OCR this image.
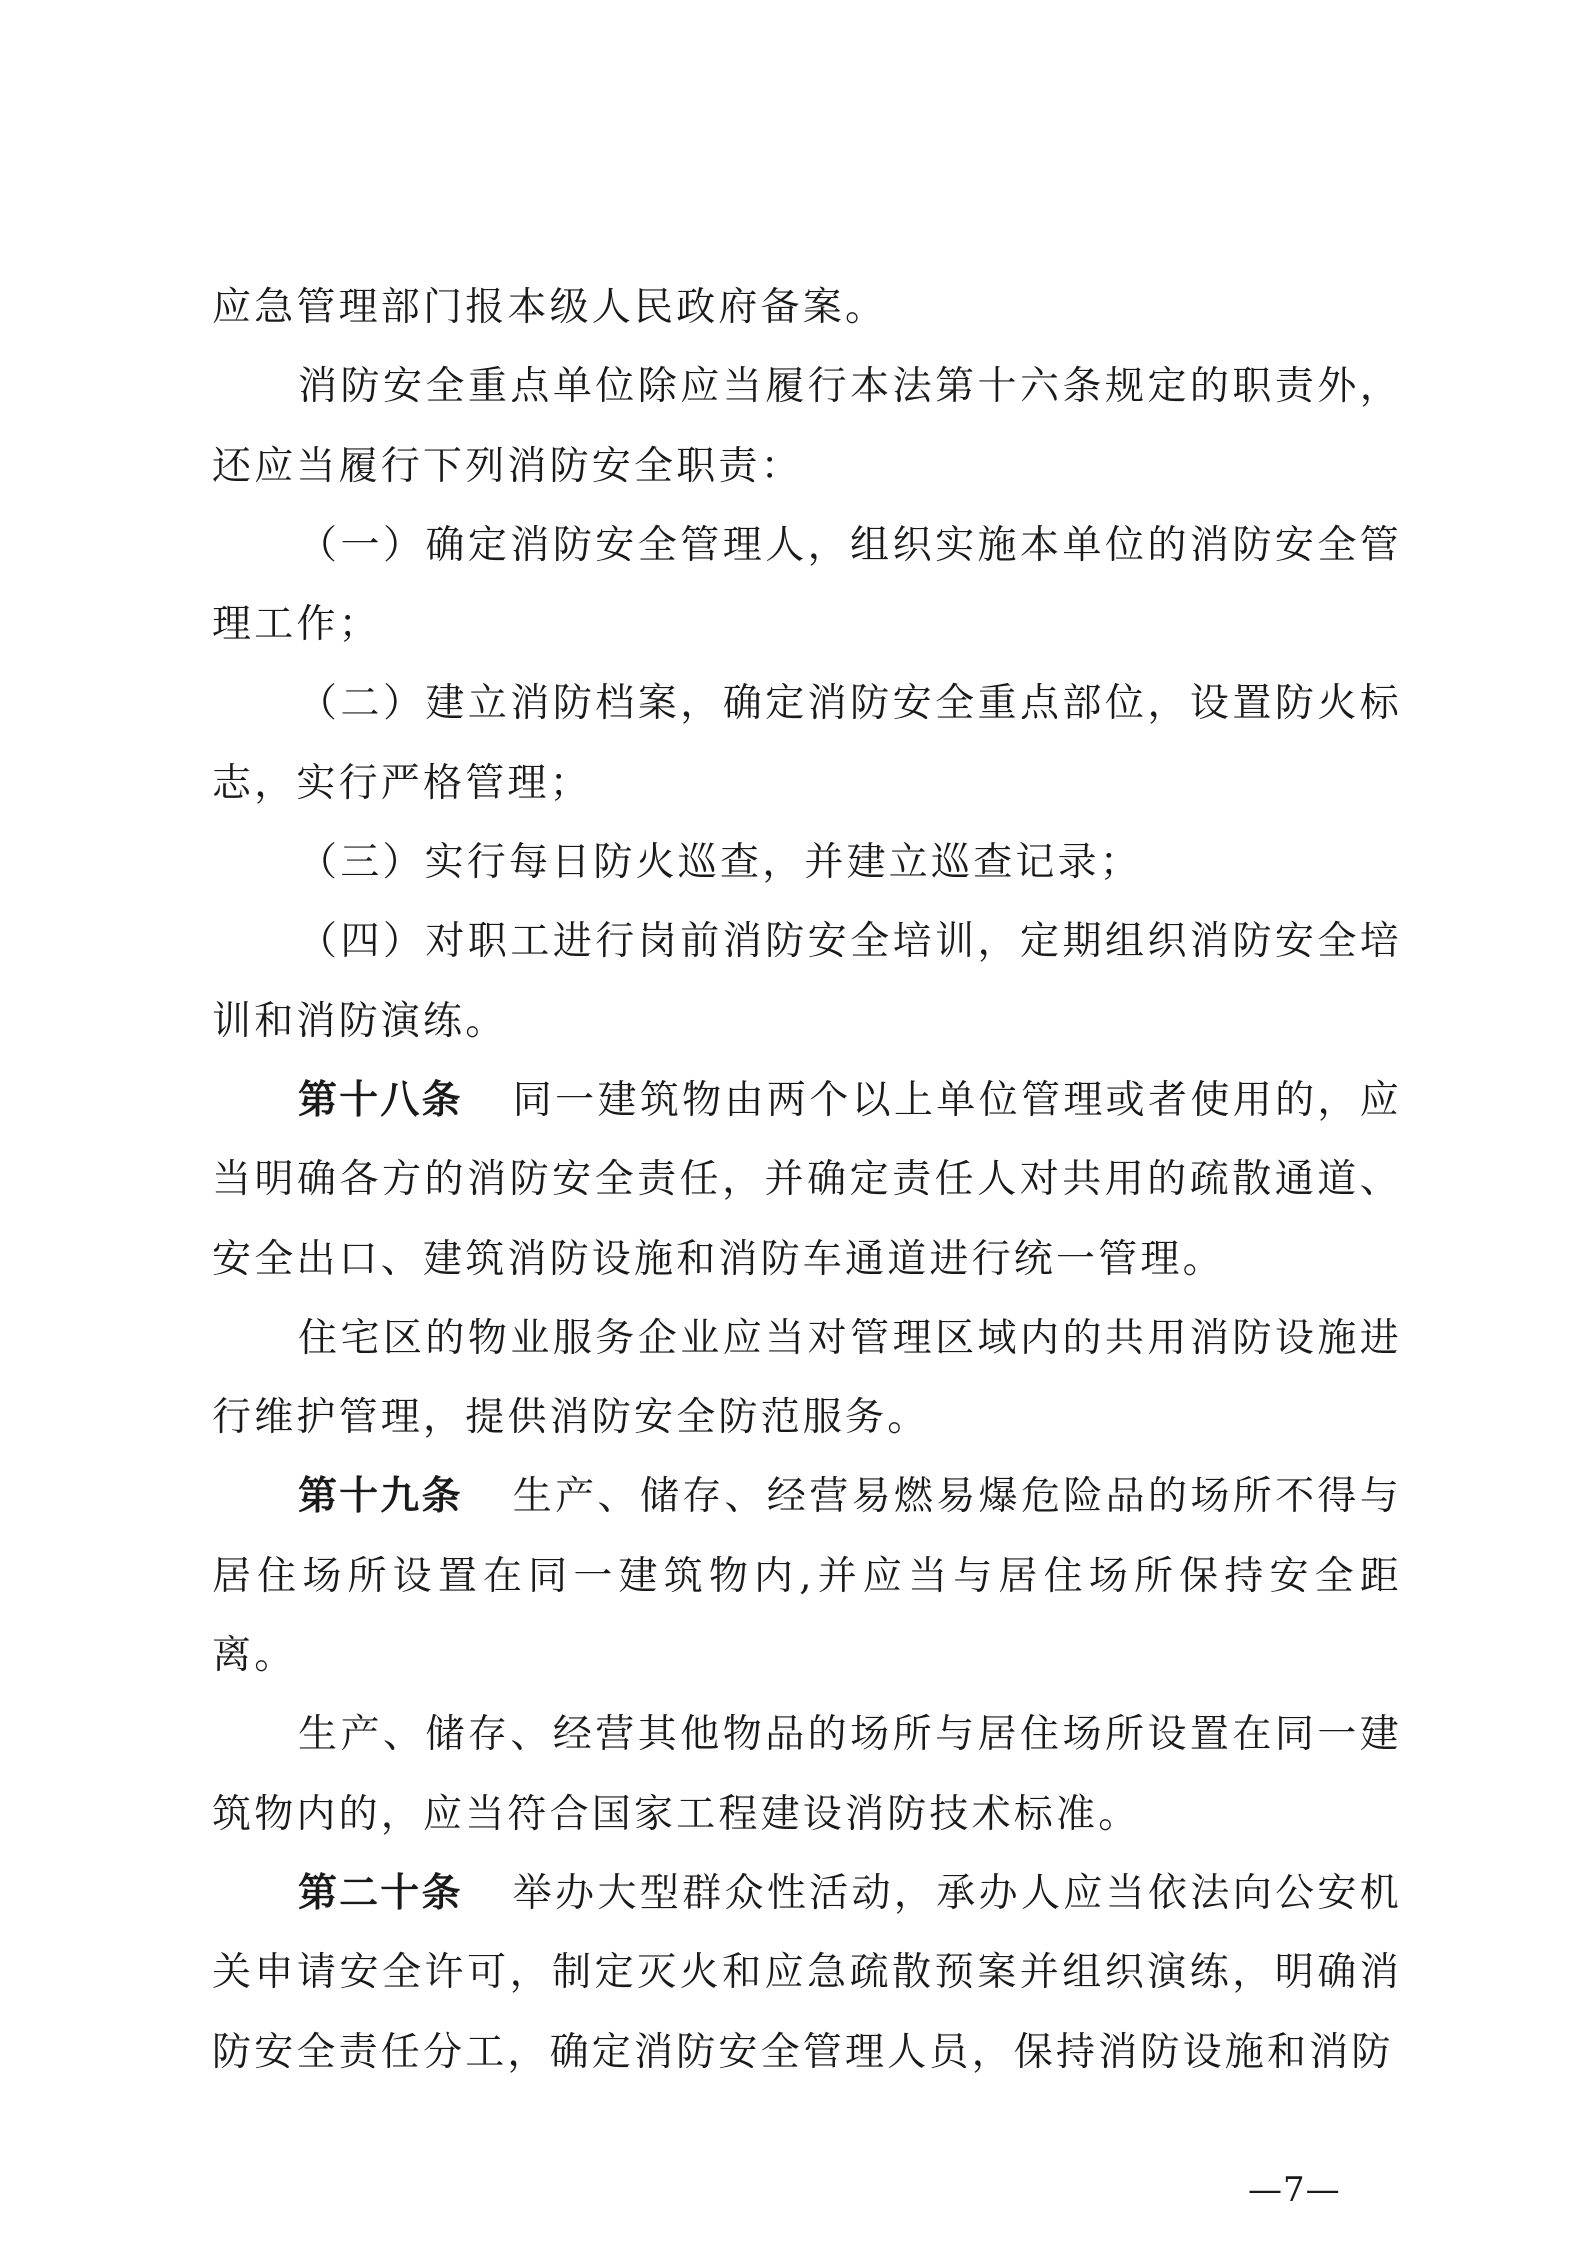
应急管理部门报本级人民政府备案。

消防安全重点单位除应当履行本法第十六条规定的职责外，还应当履行下列消防安全职责：

（一）确定消防安全管理人，组织实施本单位的消防安全管理工作；

（二）建立消防档案，确定消防安全重点部位，设置防火标志，实行严格管理；

（三）实行每日防火巡查，并建立巡查记录；

（四）对职工进行岗前消防安全培训，定期组织消防安全培训和消防演练。

第十八条 同一建筑物由两个以上单位管理或者使用的，应当明确各方的消防安全责任，并确定责任人对共用的疏散通道、安全出口、建筑消防设施和消防车通道进行统一管理。

住宅区的物业服务企业应当对管理区域内的共用消防设施进行维护管理，提供消防安全防范服务。

第十九条 生产、储存、经营易燃易爆危险品的场所不得与居住场所设置在同一建筑物内,并应当与居住场所保持安全距离。

生产、储存、经营其他物品的场所与居住场所设置在同一建筑物内的，应当符合国家工程建设消防技术标准。

第二十条 举办大型群众性活动，承办人应当依法向公安机关申请安全许可，制定灭火和应急疏散预案并组织演练，明确消防安全责任分工，确定消防安全管理人员，保持消防设施和消防

—7—
